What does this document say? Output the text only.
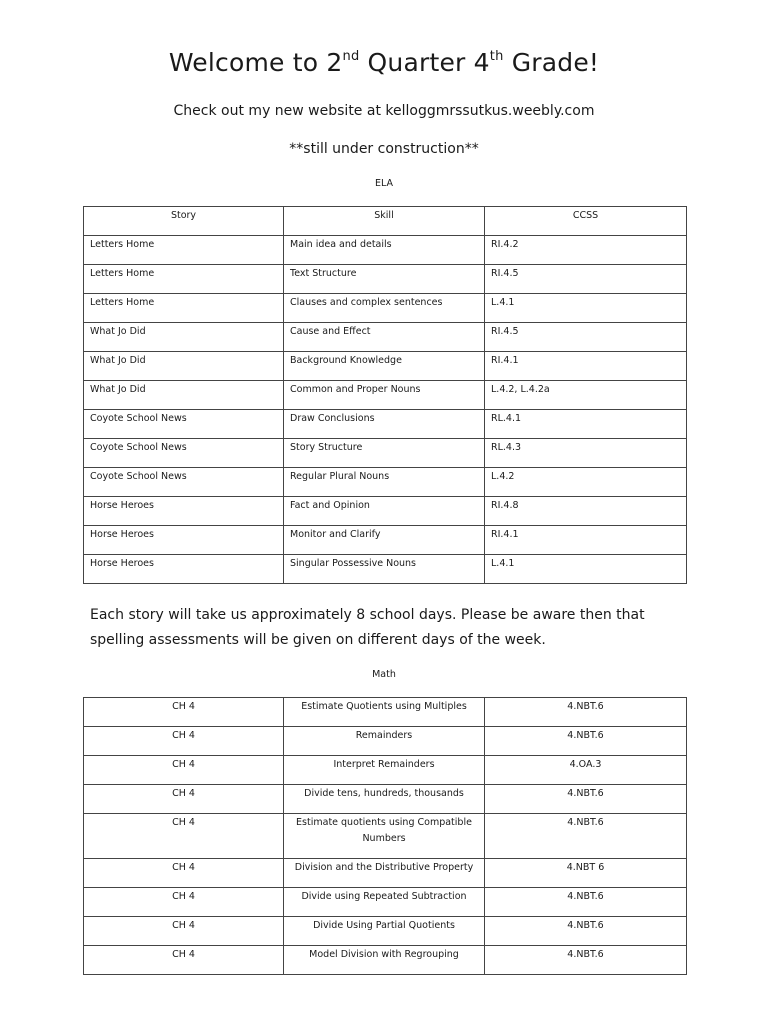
Welcome to 2nd Quarter 4th Grade!
Check out my new website at kelloggmrssutkus.weebly.com
**still under construction**
ELA
Story	Skill	CCSS
Letters Home	Main idea and details	RI.4.2
Letters Home	Text Structure	RI.4.5
Letters Home	Clauses and complex sentences	L.4.1
What Jo Did	Cause and Effect	RI.4.5
What Jo Did	Background Knowledge	RI.4.1
What Jo Did	Common and Proper Nouns	L.4.2, L.4.2a
Coyote School News	Draw Conclusions	RL.4.1
Coyote School News	Story Structure	RL.4.3
Coyote School News	Regular Plural Nouns	L.4.2
Horse Heroes	Fact and Opinion	RI.4.8
Horse Heroes	Monitor and Clarify	RI.4.1
Horse Heroes	Singular Possessive Nouns	L.4.1
Each story will take us approximately 8 school days. Please be aware then that
spelling assessments will be given on different days of the week.
Math
CH 4	Estimate Quotients using Multiples	4.NBT.6
CH 4	Remainders	4.NBT.6
CH 4	Interpret Remainders	4.OA.3
CH 4	Divide tens, hundreds, thousands	4.NBT.6
CH 4	Estimate quotients using Compatible Numbers	4.NBT.6
CH 4	Division and the Distributive Property	4.NBT 6
CH 4	Divide using Repeated Subtraction	4.NBT.6
CH 4	Divide Using Partial Quotients	4.NBT.6
CH 4	Model Division with Regrouping	4.NBT.6
